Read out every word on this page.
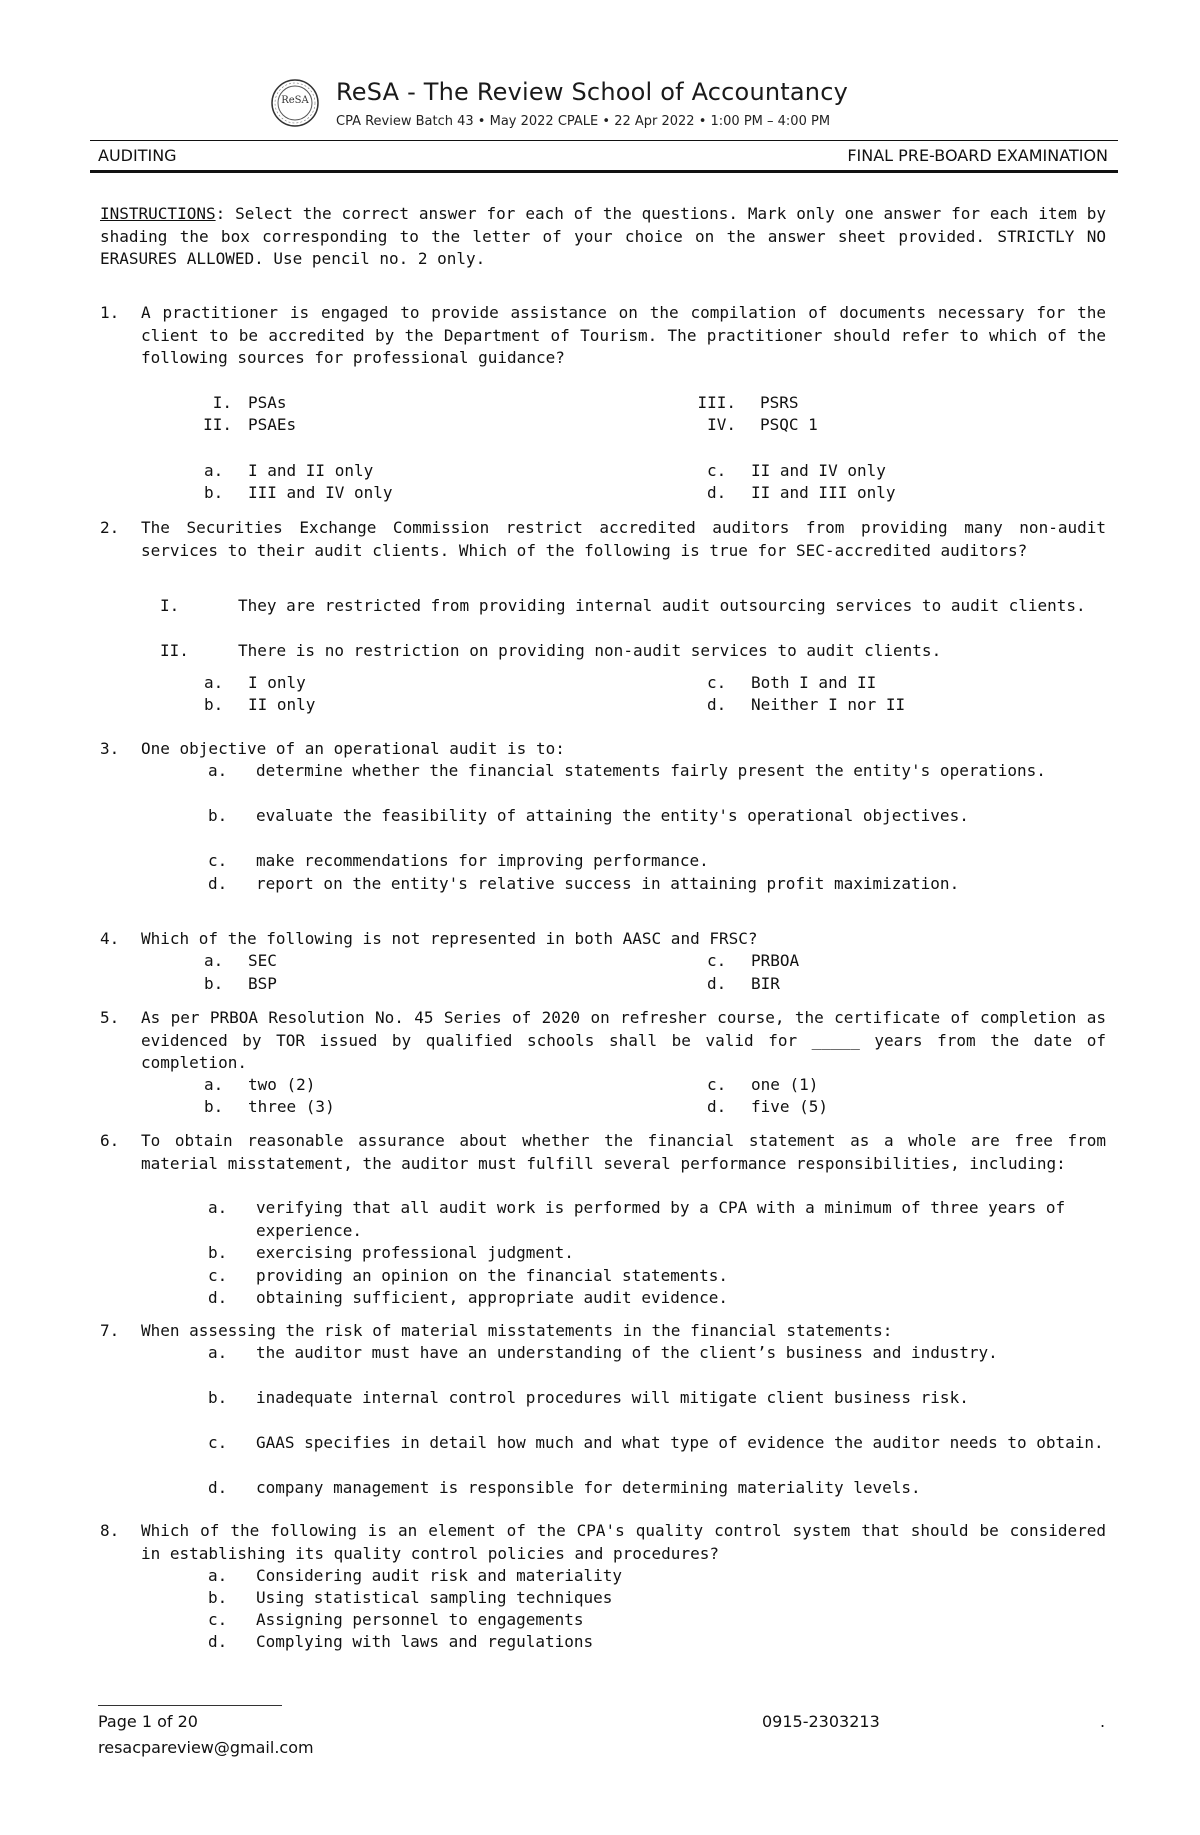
ReSA	ReSA - The Review School of Accountancy
CPA Review Batch 43 • May 2022 CPALE • 22 Apr 2022 • 1:00 PM – 4:00 PM
AUDITING	FINAL PRE-BOARD EXAMINATION
INSTRUCTIONS: Select the correct answer for each of the questions. Mark only one answer for each item by shading the box corresponding to the letter of your choice on the answer sheet provided. STRICTLY NO ERASURES ALLOWED. Use pencil no. 2 only.
1.	A practitioner is engaged to provide assistance on the compilation of documents necessary for the client to be accredited by the Department of Tourism. The practitioner should refer to which of the following sources for professional guidance?
I. PSAs
II. PSAEs
III. PSRS
IV. PSQC 1
a. I and II only
b. III and IV only
c. II and IV only
d. II and III only
2.	The Securities Exchange Commission restrict accredited auditors from providing many non-audit services to their audit clients. Which of the following is true for SEC-accredited auditors?
I.	They are restricted from providing internal audit outsourcing services to audit clients.
II.	There is no restriction on providing non-audit services to audit clients.
a. I only
b. II only
c. Both I and II
d. Neither I nor II
3.	One objective of an operational audit is to:
a. determine whether the financial statements fairly present the entity's operations.
b. evaluate the feasibility of attaining the entity's operational objectives.
c. make recommendations for improving performance.
d. report on the entity's relative success in attaining profit maximization.
4.	Which of the following is not represented in both AASC and FRSC?
a. SEC
b. BSP
c. PRBOA
d. BIR
5.	As per PRBOA Resolution No. 45 Series of 2020 on refresher course, the certificate of completion as evidenced by TOR issued by qualified schools shall be valid for _____ years from the date of completion.
a. two (2)
b. three (3)
c. one (1)
d. five (5)
6.	To obtain reasonable assurance about whether the financial statement as a whole are free from material misstatement, the auditor must fulfill several performance responsibilities, including:
a. verifying that all audit work is performed by a CPA with a minimum of three years of experience.
b. exercising professional judgment.
c. providing an opinion on the financial statements.
d. obtaining sufficient, appropriate audit evidence.
7.	When assessing the risk of material misstatements in the financial statements:
a. the auditor must have an understanding of the client’s business and industry.
b. inadequate internal control procedures will mitigate client business risk.
c. GAAS specifies in detail how much and what type of evidence the auditor needs to obtain.
d. company management is responsible for determining materiality levels.
8.	Which of the following is an element of the CPA's quality control system that should be considered in establishing its quality control policies and procedures?
a. Considering audit risk and materiality
b. Using statistical sampling techniques
c. Assigning personnel to engagements
d. Complying with laws and regulations
Page 1 of 20
resacpareview@gmail.com
0915-2303213	.
